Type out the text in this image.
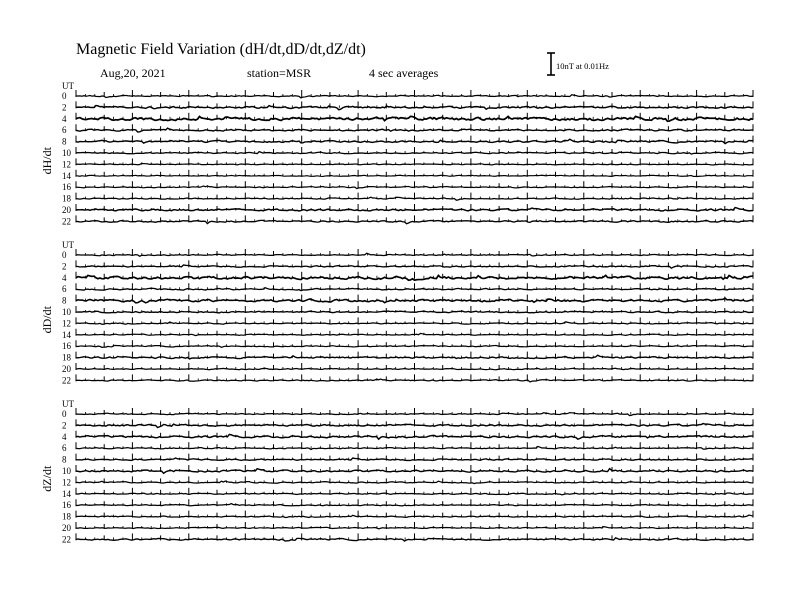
Magnetic Field Variation (dH/dt,dD/dt,dZ/dt)
Aug,20, 2021	station=MSR	4 sec averages	10nT at 0.01Hz
UT
dH/dt
0
2
4
6
8
10
12
14
16
18
20
22
UT
dD/dt
0
2
4
6
8
10
12
14
16
18
20
22
UT
dZ/dt
0
2
4
6
8
10
12
14
16
18
20
22
